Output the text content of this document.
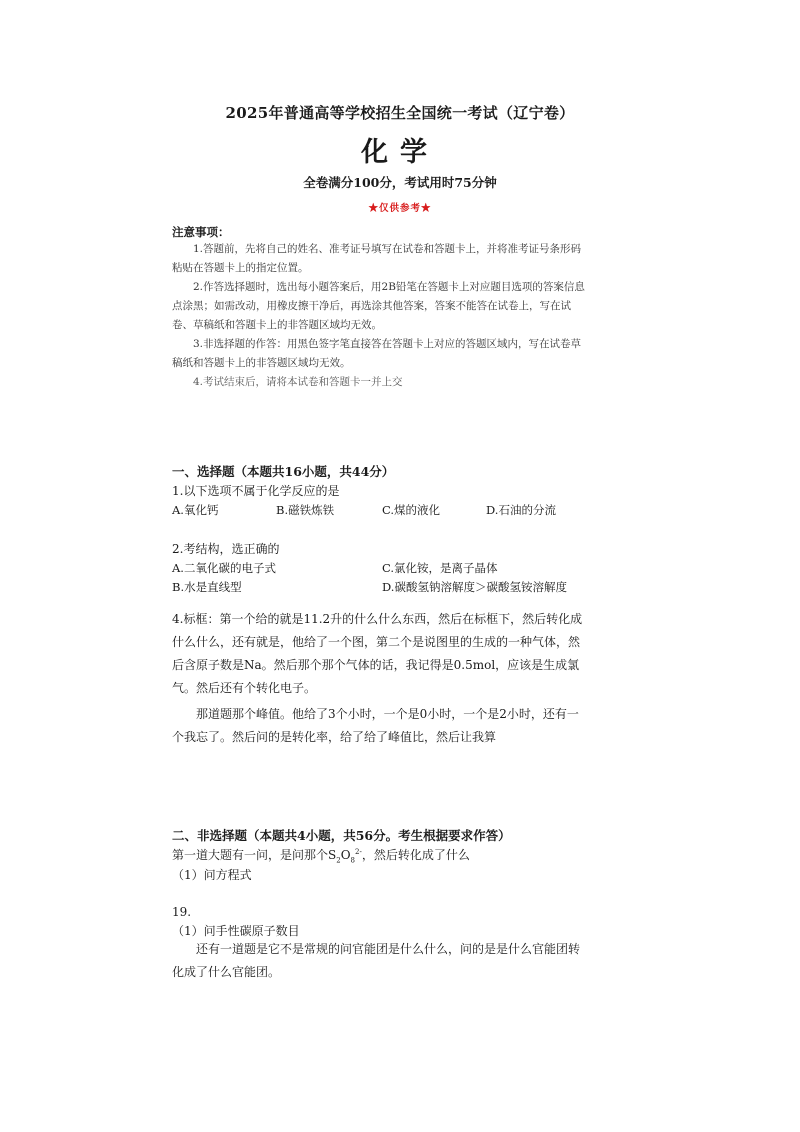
2025年普通高等学校招生全国统一考试（辽宁卷）
化学
全卷满分100分，考试用时75分钟
★仅供参考★
注意事项：

1.答题前，先将自己的姓名、准考证号填写在试卷和答题卡上，并将准考证号条形码粘贴在答题卡上的指定位置。

2.作答选择题时，选出每小题答案后，用2B铅笔在答题卡上对应题目选项的答案信息点涂黑；如需改动，用橡皮擦干净后，再选涂其他答案，答案不能答在试卷上，写在试卷、草稿纸和答题卡上的非答题区域均无效。

3.非选择题的作答：用黑色签字笔直接答在答题卡上对应的答题区域内，写在试卷草稿纸和答题卡上的非答题区域均无效。

4.考试结束后，请将本试卷和答题卡一并上交

一、选择题（本题共16小题，共44分）
1.以下选项不属于化学反应的是
A.氧化钙	B.磁铁炼铁	C.煤的液化	D.石油的分流
2.考结构，选正确的
A.二氧化碳的电子式	C.氯化铵，是离子晶体
B.水是直线型	D.碳酸氢钠溶解度＞碳酸氢铵溶解度
4.标框：第一个给的就是11.2升的什么什么东西，然后在标框下，然后转化成什么什么，还有就是，他给了一个图，第二个是说图里的生成的一种气体，然后含原子数是Na。然后那个那个气体的话，我记得是0.5mol，应该是生成氯气。然后还有个转化电子。
那道题那个峰值。他给了3个小时，一个是0小时，一个是2小时，还有一个我忘了。然后问的是转化率，给了给了峰值比，然后让我算
二、非选择题（本题共4小题，共56分。考生根据要求作答）
第一道大题有一问，是问那个$S_2O_8^{2-}$，然后转化成了什么
（1）问方程式
19.
（1）问手性碳原子数目
还有一道题是它不是常规的问官能团是什么什么，问的是是什么官能团转化成了什么官能团。
